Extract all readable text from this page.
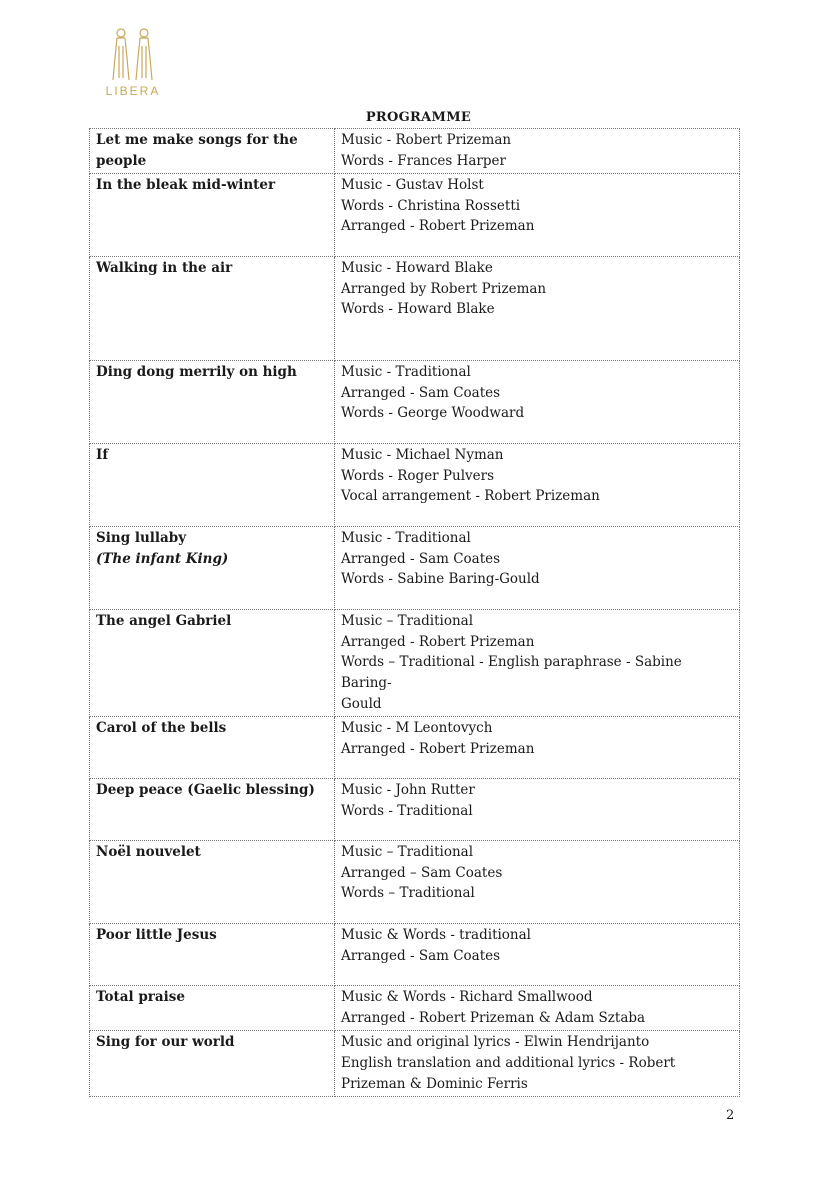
LIBERA
PROGRAMME
Let me make songs for the people	Music - Robert Prizeman
Words - Frances Harper

In the bleak mid-winter	Music - Gustav Holst
Words - Christina Rossetti
Arranged - Robert Prizeman

Walking in the air	Music - Howard Blake
Arranged by Robert Prizeman
Words - Howard Blake

Ding dong merrily on high	Music - Traditional
Arranged - Sam Coates
Words - George Woodward

If	Music - Michael Nyman
Words - Roger Pulvers
Vocal arrangement - Robert Prizeman

Sing lullaby
(The infant King)	Music - Traditional
Arranged - Sam Coates
Words - Sabine Baring-Gould

The angel Gabriel	Music – Traditional
Arranged - Robert Prizeman
Words – Traditional - English paraphrase - Sabine Baring-
Gould

Carol of the bells	Music - M Leontovych
Arranged - Robert Prizeman

Deep peace (Gaelic blessing)	Music - John Rutter
Words - Traditional

Noël nouvelet	Music – Traditional
Arranged – Sam Coates
Words – Traditional

Poor little Jesus	Music & Words - traditional
Arranged - Sam Coates

Total praise	Music & Words - Richard Smallwood
Arranged - Robert Prizeman & Adam Sztaba

Sing for our world	Music and original lyrics - Elwin Hendrijanto
English translation and additional lyrics - Robert
Prizeman & Dominic Ferris
2
